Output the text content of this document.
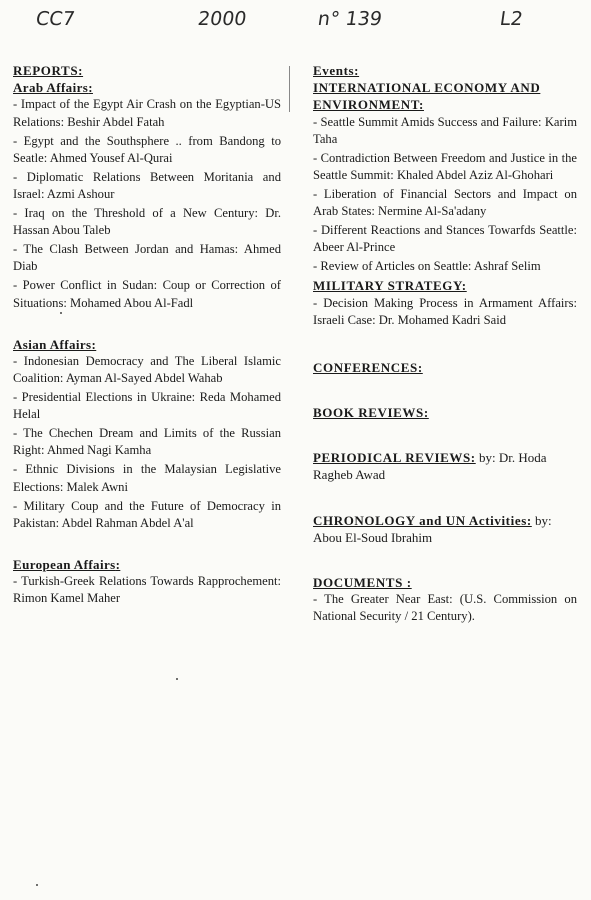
CC7	2000	n° 139	L2
REPORTS:
Arab Affairs :
- Impact of the Egypt Air Crash on the Egyptian-US Relations: Beshir Abdel Fatah
- Egypt and the Southsphere .. from Bandong to Seatle: Ahmed Yousef Al-Qurai
- Diplomatic Relations Between Moritania and Israel: Azmi Ashour
- Iraq on the Threshold of a New Century: Dr. Hassan Abou Taleb
- The Clash Between Jordan and Hamas: Ahmed Diab
- Power Conflict in Sudan: Coup or Correction of Situations: Mohamed Abou Al-Fadl
Asian Affairs :
- Indonesian Democracy and The Liberal Islamic Coalition: Ayman Al-Sayed Abdel Wahab
- Presidential Elections in Ukraine: Reda Mohamed Helal
- The Chechen Dream and Limits of the Russian Right: Ahmed Nagi Kamha
- Ethnic Divisions in the Malaysian Legislative Elections: Malek Awni
- Military Coup and the Future of Democracy in Pakistan: Abdel Rahman Abdel A'al
European Affairs :
- Turkish-Greek Relations Towards Rapprochement: Rimon Kamel Maher
Events:
INTERNATIONAL ECONOMY AND ENVIRONMENT:
- Seattle Summit Amids Success and Failure: Karim Taha
- Contradiction Between Freedom and Justice in the Seattle Summit: Khaled Abdel Aziz Al-Ghohari
- Liberation of Financial Sectors and Impact on Arab States: Nermine Al-Sa'adany
- Different Reactions and Stances Towarfds Seattle: Abeer Al-Prince
- Review of Articles on Seattle: Ashraf Selim
MILITARY STRATEGY:
- Decision Making Process in Armament Affairs: Israeli Case: Dr. Mohamed Kadri Said
CONFERENCES:
BOOK REVIEWS:

PERIODICAL REVIEWS: by: Dr. Hoda Ragheb Awad

CHRONOLOGY and UN Activities: by: Abou El-Soud Ibrahim

DOCUMENTS :
- The Greater Near East: (U.S. Commission on National Security / 21 Century).
